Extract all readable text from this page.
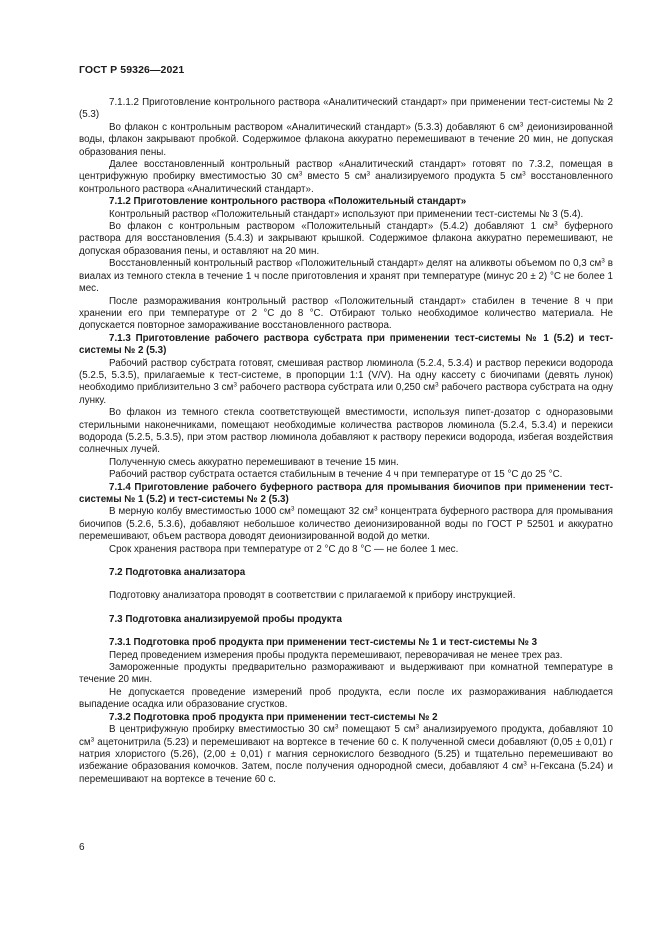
ГОСТ Р 59326—2021

7.1.1.2 Приготовление контрольного раствора «Аналитический стандарт» при применении тест-системы № 2 (5.3)

Во флакон с контрольным раствором «Аналитический стандарт» (5.3.3) добавляют 6 $см^3$ деионизированной воды, флакон закрывают пробкой. Содержимое флакона аккуратно перемешивают в течение 20 мин, не допуская образования пены.

Далее восстановленный контрольный раствор «Аналитический стандарт» готовят по 7.3.2, помещая в центрифужную пробирку вместимостью 30 $см^3$ вместо 5 $см^3$ анализируемого продукта 5 $см^3$ восстановленного контрольного раствора «Аналитический стандарт».

7.1.2 Приготовление контрольного раствора «Положительный стандарт»

Контрольный раствор «Положительный стандарт» используют при применении тест-системы № 3 (5.4).

Во флакон с контрольным раствором «Положительный стандарт» (5.4.2) добавляют 1 $см^3$ буферного раствора для восстановления (5.4.3) и закрывают крышкой. Содержимое флакона аккуратно перемешивают, не допуская образования пены, и оставляют на 20 мин.

Восстановленный контрольный раствор «Положительный стандарт» делят на аликвоты объемом по 0,3 $см^3$ в виалах из темного стекла в течение 1 ч после приготовления и хранят при температуре (минус 20 ± 2) °С не более 1 мес.

После размораживания контрольный раствор «Положительный стандарт» стабилен в течение 8 ч при хранении его при температуре от 2 °С до 8 °С. Отбирают только необходимое количество материала. Не допускается повторное замораживание восстановленного раствора.

7.1.3 Приготовление рабочего раствора субстрата при применении тест-системы № 1 (5.2) и тест-системы № 2 (5.3)

Рабочий раствор субстрата готовят, смешивая раствор люминола (5.2.4, 5.3.4) и раствор перекиси водорода (5.2.5, 5.3.5), прилагаемые к тест-системе, в пропорции 1:1 (V/V). На одну кассету с биочипами (девять лунок) необходимо приблизительно 3 $см^3$ рабочего раствора субстрата или 0,250 $см^3$ рабочего раствора субстрата на одну лунку.

Во флакон из темного стекла соответствующей вместимости, используя пипет-дозатор с одноразовыми стерильными наконечниками, помещают необходимые количества растворов люминола (5.2.4, 5.3.4) и перекиси водорода (5.2.5, 5.3.5), при этом раствор люминола добавляют к раствору перекиси водорода, избегая воздействия солнечных лучей.

Полученную смесь аккуратно перемешивают в течение 15 мин.

Рабочий раствор субстрата остается стабильным в течение 4 ч при температуре от 15 °С до 25 °С.

7.1.4 Приготовление рабочего буферного раствора для промывания биочипов при применении тест-системы № 1 (5.2) и тест-системы № 2 (5.3)

В мерную колбу вместимостью 1000 $см^3$ помещают 32 $см^3$ концентрата буферного раствора для промывания биочипов (5.2.6, 5.3.6), добавляют небольшое количество деионизированной воды по ГОСТ Р 52501 и аккуратно перемешивают, объем раствора доводят деионизированной водой до метки.

Срок хранения раствора при температуре от 2 °С до 8 °С — не более 1 мес.

7.2 Подготовка анализатора

Подготовку анализатора проводят в соответствии с прилагаемой к прибору инструкцией.

7.3 Подготовка анализируемой пробы продукта

7.3.1 Подготовка проб продукта при применении тест-системы № 1 и тест-системы № 3

Перед проведением измерения пробы продукта перемешивают, переворачивая не менее трех раз.

Замороженные продукты предварительно размораживают и выдерживают при комнатной температуре в течение 20 мин.

Не допускается проведение измерений проб продукта, если после их размораживания наблюдается выпадение осадка или образование сгустков.

7.3.2 Подготовка проб продукта при применении тест-системы № 2

В центрифужную пробирку вместимостью 30 $см^3$ помещают 5 $см^3$ анализируемого продукта, добавляют 10 $см^3$ ацетонитрила (5.23) и перемешивают на вортексе в течение 60 с. К полученной смеси добавляют (0,05 ± 0,01) г натрия хлористого (5.26), (2,00 ± 0,01) г магния сернокислого безводного (5.25) и тщательно перемешивают во избежание образования комочков. Затем, после получения однородной смеси, добавляют 4 $см^3$ н-Гексана (5.24) и перемешивают на вортексе в течение 60 с.

6
